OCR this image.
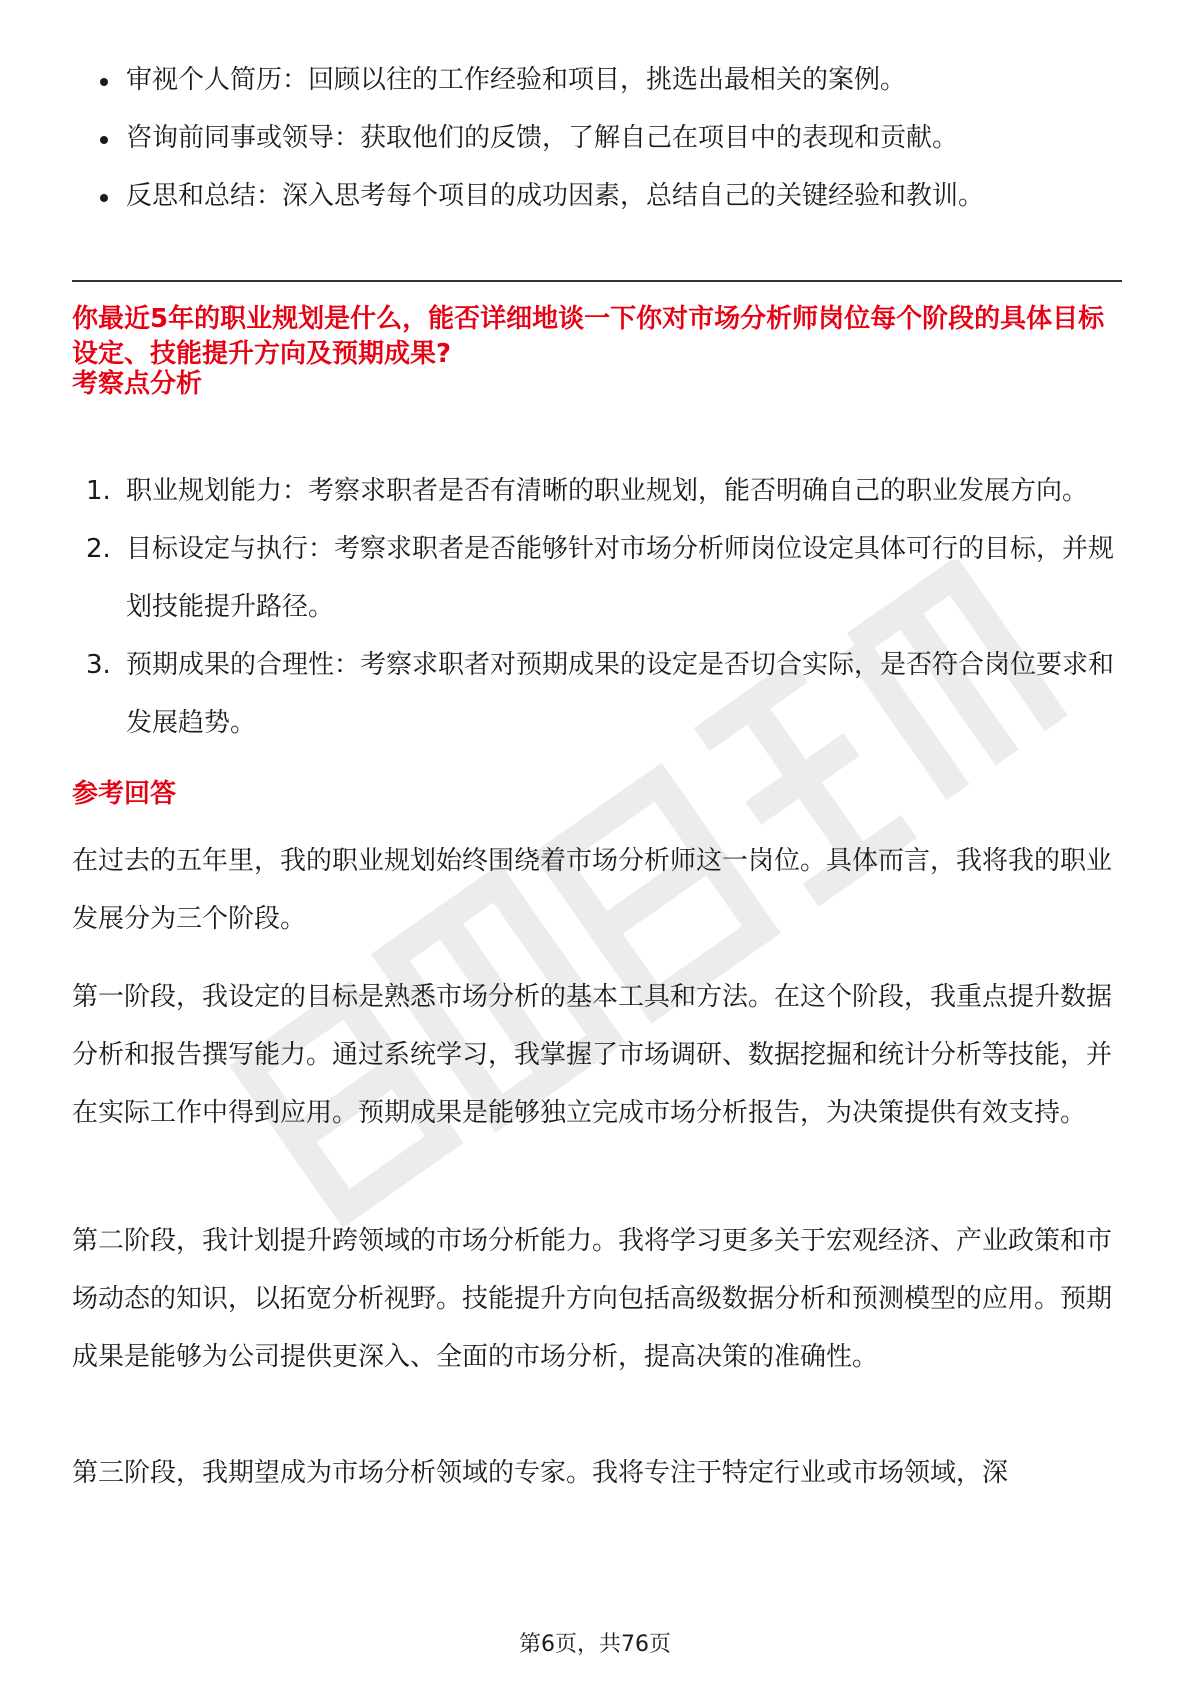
审视个人简历：回顾以往的工作经验和项目，挑选出最相关的案例。
咨询前同事或领导：获取他们的反馈，了解自己在项目中的表现和贡献。
反思和总结：深入思考每个项目的成功因素，总结自己的关键经验和教训。

你最近5年的职业规划是什么，能否详细地谈一下你对市场分析师岗位每个阶段的具体目标设定、技能提升方向及预期成果?

考察点分析

1. 职业规划能力：考察求职者是否有清晰的职业规划，能否明确自己的职业发展方向。
2. 目标设定与执行：考察求职者是否能够针对市场分析师岗位设定具体可行的目标，并规划技能提升路径。
3. 预期成果的合理性：考察求职者对预期成果的设定是否切合实际，是否符合岗位要求和发展趋势。

参考回答

在过去的五年里，我的职业规划始终围绕着市场分析师这一岗位。具体而言，我将我的职业发展分为三个阶段。

第一阶段，我设定的目标是熟悉市场分析的基本工具和方法。在这个阶段，我重点提升数据分析和报告撰写能力。通过系统学习，我掌握了市场调研、数据挖掘和统计分析等技能，并在实际工作中得到应用。预期成果是能够独立完成市场分析报告，为决策提供有效支持。

第二阶段，我计划提升跨领域的市场分析能力。我将学习更多关于宏观经济、产业政策和市场动态的知识，以拓宽分析视野。技能提升方向包括高级数据分析和预测模型的应用。预期成果是能够为公司提供更深入、全面的市场分析，提高决策的准确性。

第三阶段，我期望成为市场分析领域的专家。我将专注于特定行业或市场领域，深

第6页，共76页
